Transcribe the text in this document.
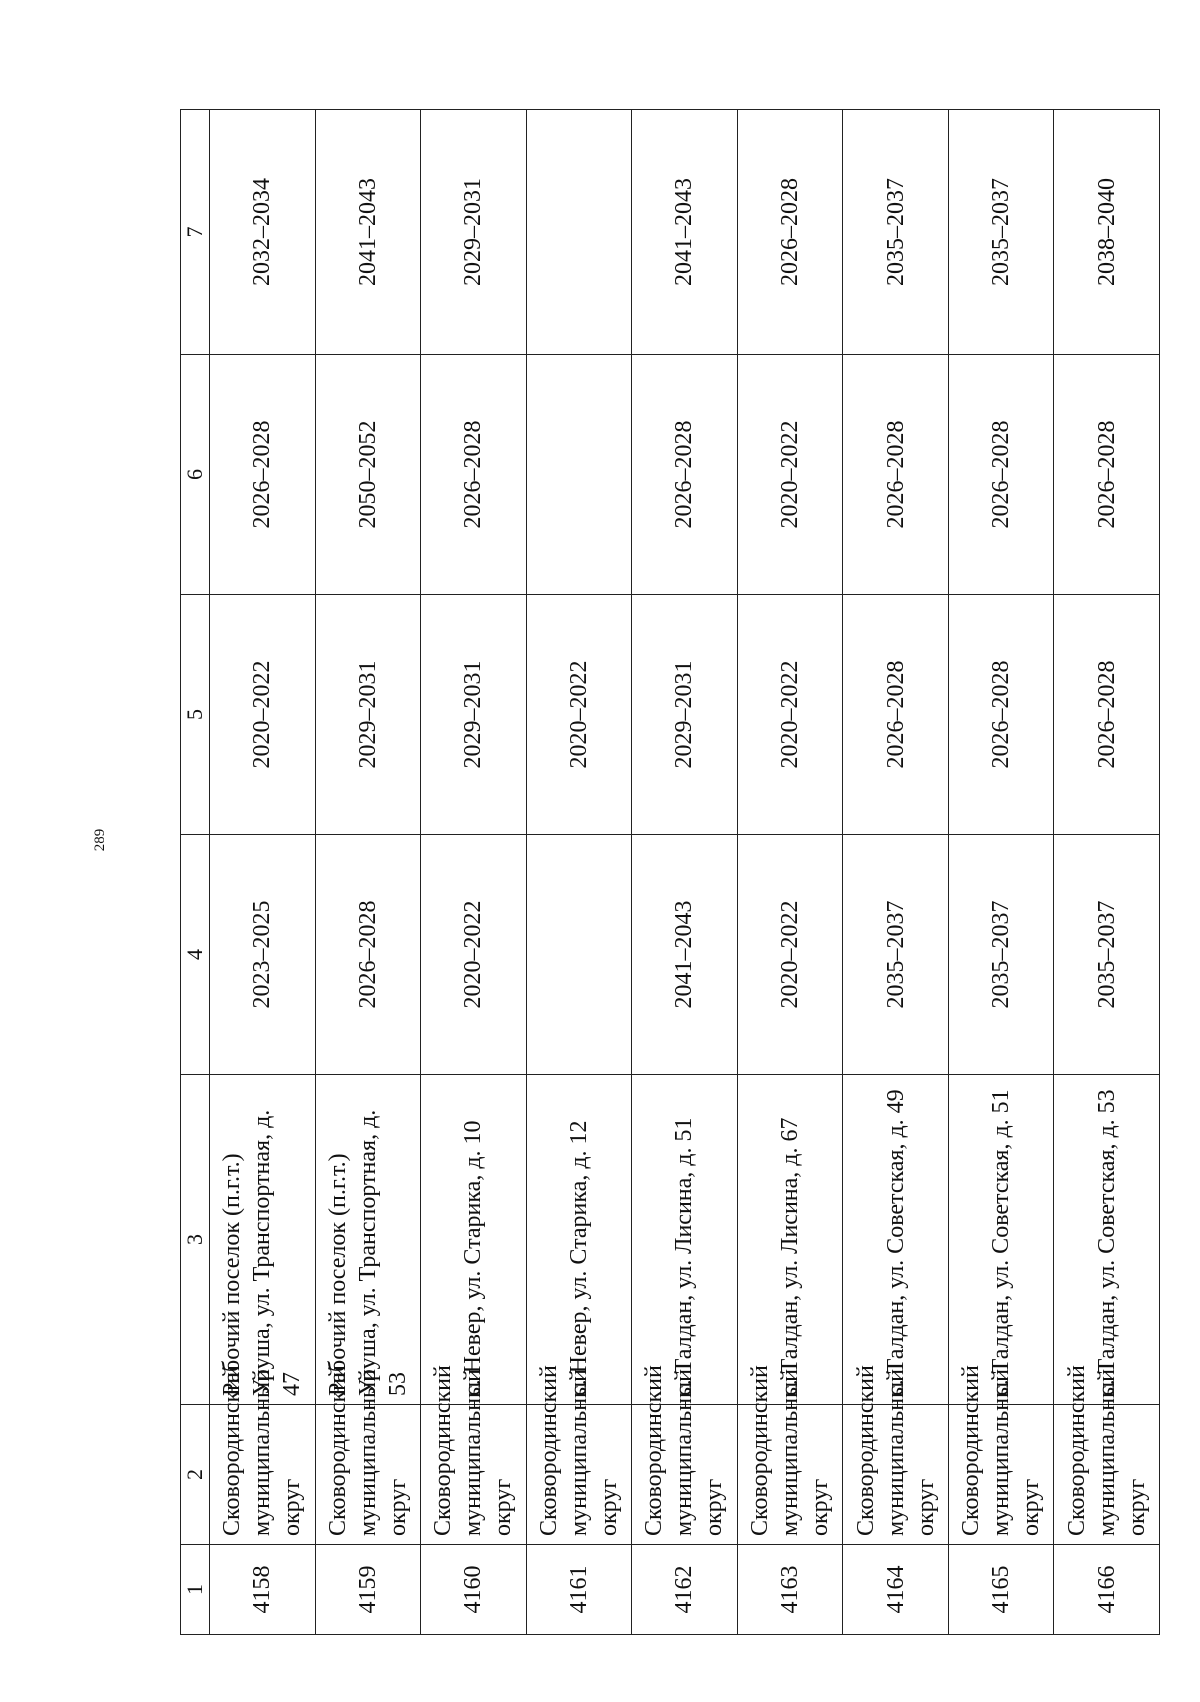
289
1	2	3	4	5	6	7
4158	Сковородинский муниципальный округ	Рабочий поселок (п.г.т.) Уруша, ул. Транспортная, д. 47	2023–2025	2020–2022	2026–2028	2032–2034
4159	Сковородинский муниципальный округ	Рабочий поселок (п.г.т.) Уруша, ул. Транспортная, д. 53	2026–2028	2029–2031	2050–2052	2041–2043
4160	Сковородинский муниципальный округ	с. Невер, ул. Старика, д. 10	2020–2022	2029–2031	2026–2028	2029–2031
4161	Сковородинский муниципальный округ	с. Невер, ул. Старика, д. 12		2020–2022		
4162	Сковородинский муниципальный округ	с. Талдан, ул. Лисина, д. 51	2041–2043	2029–2031	2026–2028	2041–2043
4163	Сковородинский муниципальный округ	с. Талдан, ул. Лисина, д. 67	2020–2022	2020–2022	2020–2022	2026–2028
4164	Сковородинский муниципальный округ	с. Талдан, ул. Советская, д. 49	2035–2037	2026–2028	2026–2028	2035–2037
4165	Сковородинский муниципальный округ	с. Талдан, ул. Советская, д. 51	2035–2037	2026–2028	2026–2028	2035–2037
4166	Сковородинский муниципальный округ	с. Талдан, ул. Советская, д. 53	2035–2037	2026–2028	2026–2028	2038–2040
